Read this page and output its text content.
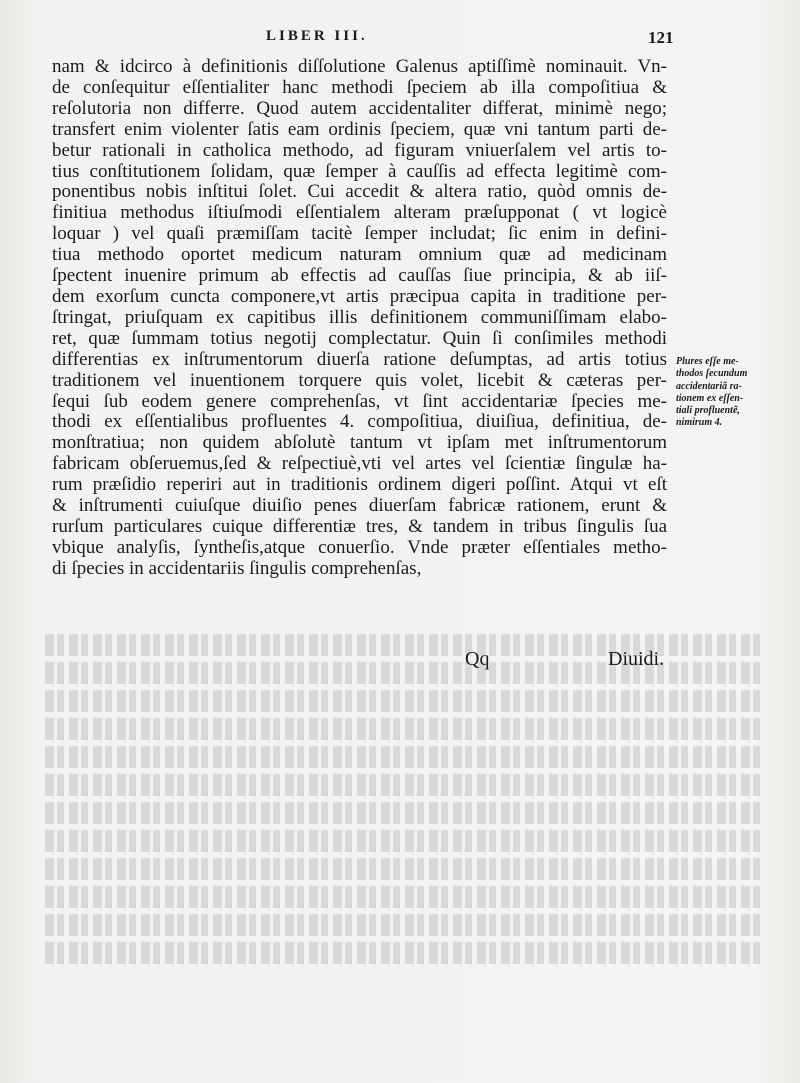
LIBER III.	121
nam & idcirco à definitionis diſſolutione Galenus aptiſſimè nominauit. Vn-
de conſequitur eſſentialiter hanc methodi ſpeciem ab illa compoſitiua &
reſolutoria non differre. Quod autem accidentaliter differat, minimè nego;
transfert enim violenter ſatis eam ordinis ſpeciem, quæ vni tantum parti de-
betur rationali in catholica methodo, ad figuram vniuerſalem vel artis to-
tius conſtitutionem ſolidam, quæ ſemper à cauſſis ad effecta legitimè com-
ponentibus nobis inſtitui ſolet. Cui accedit & altera ratio, quòd omnis de-
finitiua methodus iſtiuſmodi eſſentialem alteram præſupponat ( vt logicè
loquar ) vel quaſi præmiſſam tacitè ſemper includat; ſic enim in defini-
tiua methodo oportet medicum naturam omnium quæ ad medicinam
ſpectent inuenire primum ab effectis ad cauſſas ſiue principia, & ab iiſ-
dem exorſum cuncta componere,vt artis præcipua capita in traditione per-
ſtringat, priuſquam ex capitibus illis definitionem communiſſimam elabo-
ret, quæ ſummam totius negotij complectatur. Quin ſi conſimiles methodi
differentias ex inſtrumentorum diuerſa ratione deſumptas, ad artis totius
traditionem vel inuentionem torquere quis volet, licebit & cæteras per-
ſequi ſub eodem genere comprehenſas, vt ſint accidentariæ ſpecies me-
thodi ex eſſentialibus profluentes 4. compoſitiua, diuiſiua, definitiua, de-
monſtratiua; non quidem abſolutè tantum vt ipſam met inſtrumentorum
fabricam obſeruemus,ſed & reſpectiuè,vti vel artes vel ſcientiæ ſingulæ ha-
rum præſidio reperiri aut in traditionis ordinem digeri poſſint. Atqui vt eſt
& inſtrumenti cuiuſque diuiſio penes diuerſam fabricæ rationem, erunt &
rurſum particulares cuique differentiæ tres, & tandem in tribus ſingulis ſua
vbique analyſis, ſyntheſis,atque conuerſio. Vnde præter eſſentiales metho-
di ſpecies in accidentariis ſingulis comprehenſas,
Plures eſſe me-
thodos ſecundum
accidentariã ra-
tionem ex eſſen-
tiali profluentẽ,
nimirum 4.
Qq	Diuidi.
